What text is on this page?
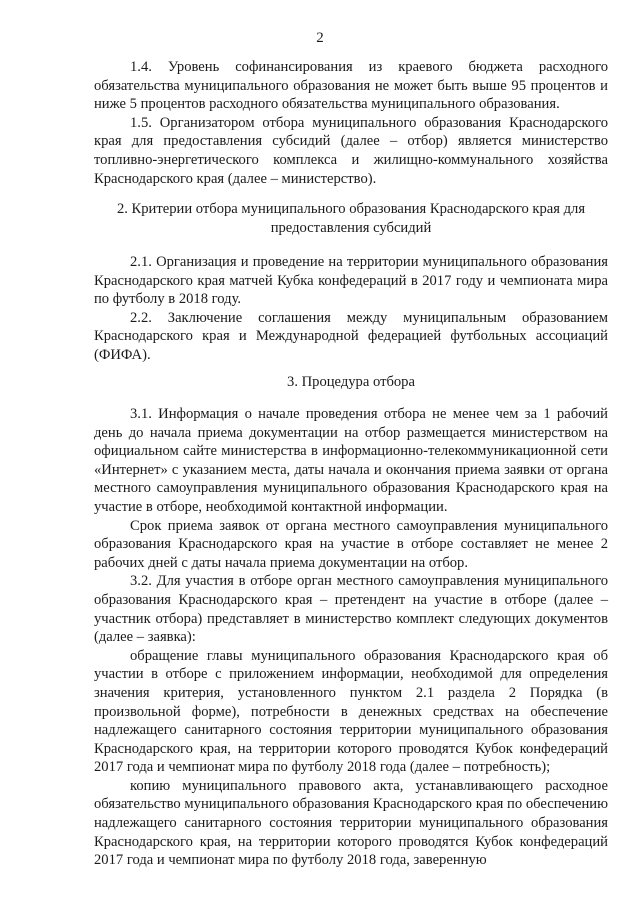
2

1.4. Уровень софинансирования из краевого бюджета расходного обязательства муниципального образования не может быть выше 95 процентов и ниже 5 процентов расходного обязательства муниципального образования.

1.5. Организатором отбора муниципального образования Краснодарского края для предоставления субсидий (далее – отбор) является министерство топливно-энергетического комплекса и жилищно-коммунального хозяйства Краснодарского края (далее – министерство).

2. Критерии отбора муниципального образования Краснодарского края для предоставления субсидий

2.1. Организация и проведение на территории муниципального образования Краснодарского края матчей Кубка конфедераций в 2017 году и чемпионата мира по футболу в 2018 году.

2.2. Заключение соглашения между муниципальным образованием Краснодарского края и Международной федерацией футбольных ассоциаций (ФИФА).

3. Процедура отбора

3.1. Информация о начале проведения отбора не менее чем за 1 рабочий день до начала приема документации на отбор размещается министерством на официальном сайте министерства в информационно-телекоммуникационной сети «Интернет» с указанием места, даты начала и окончания приема заявки от органа местного самоуправления муниципального образования Краснодарского края на участие в отборе, необходимой контактной информации.

Срок приема заявок от органа местного самоуправления муниципального образования Краснодарского края на участие в отборе составляет не менее 2 рабочих дней с даты начала приема документации на отбор.

3.2. Для участия в отборе орган местного самоуправления муниципального образования Краснодарского края – претендент на участие в отборе (далее – участник отбора) представляет в министерство комплект следующих документов (далее – заявка):

обращение главы муниципального образования Краснодарского края об участии в отборе с приложением информации, необходимой для определения значения критерия, установленного пунктом 2.1 раздела 2 Порядка (в произвольной форме), потребности в денежных средствах на обеспечение надлежащего санитарного состояния территории муниципального образования Краснодарского края, на территории которого проводятся Кубок конфедераций 2017 года и чемпионат мира по футболу 2018 года (далее – потребность);

копию муниципального правового акта, устанавливающего расходное обязательство муниципального образования Краснодарского края по обеспечению надлежащего санитарного состояния территории муниципального образования Краснодарского края, на территории которого проводятся Кубок конфедераций 2017 года и чемпионат мира по футболу 2018 года, заверенную
